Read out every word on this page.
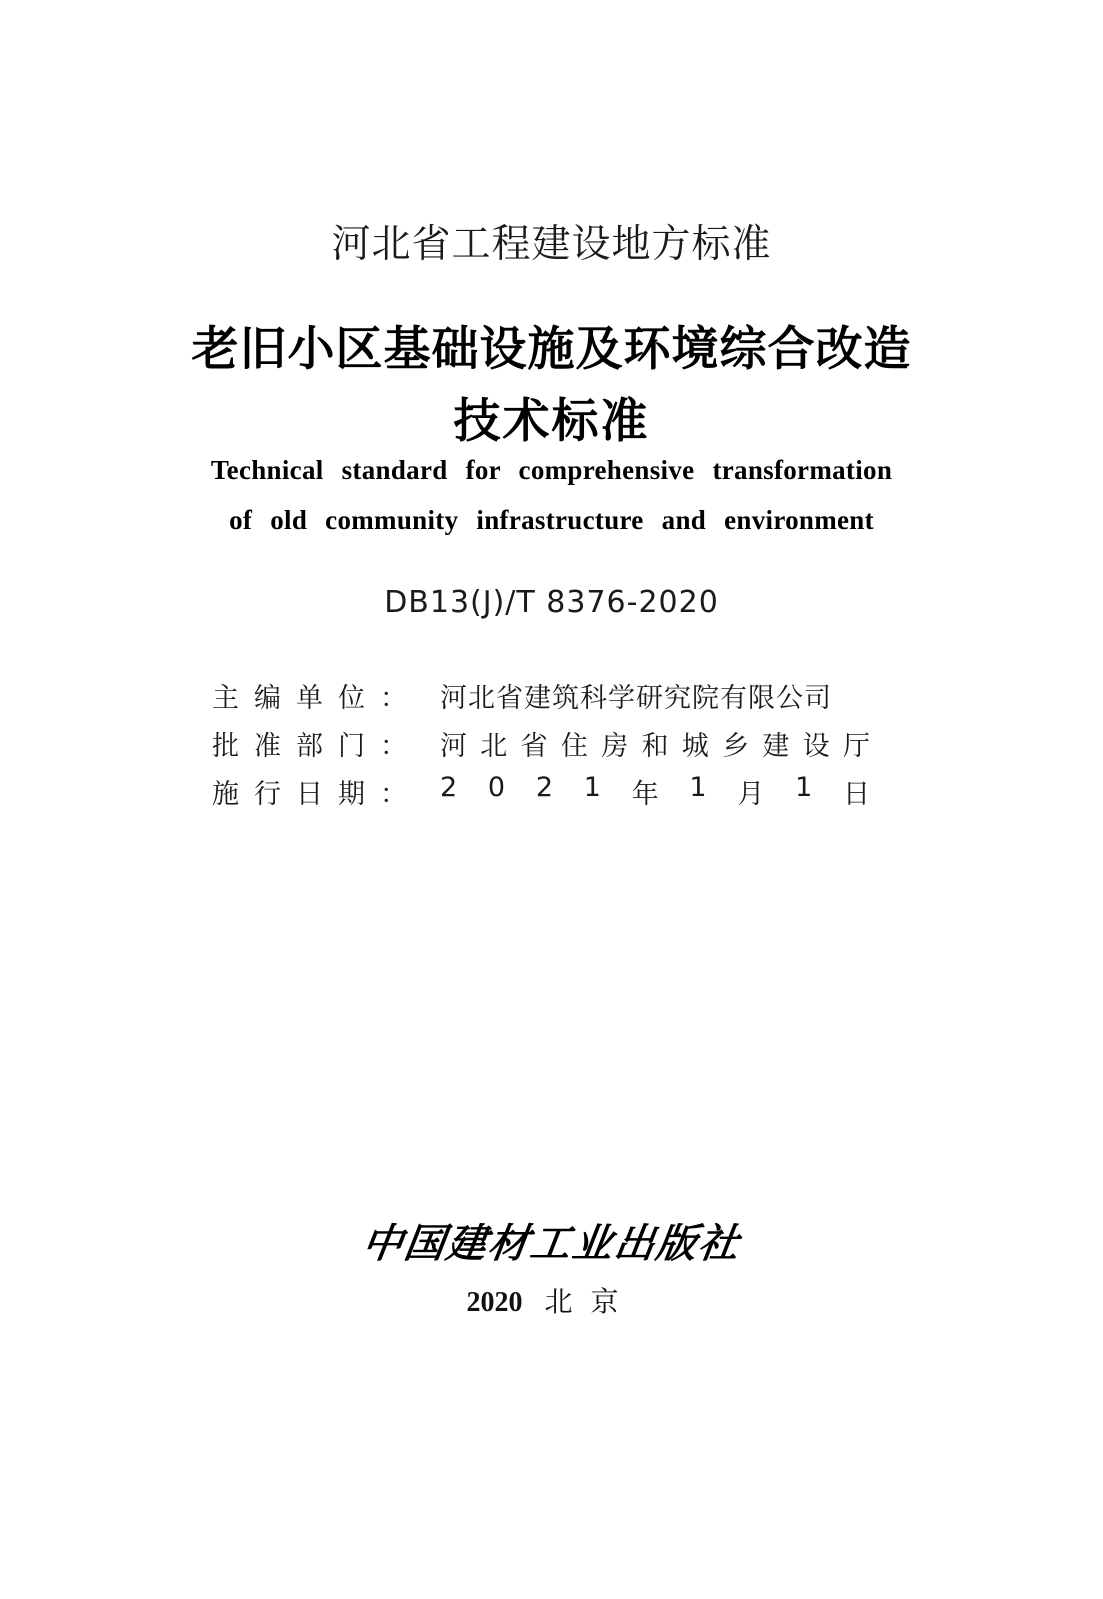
河北省工程建设地方标准
老旧小区基础设施及环境综合改造
技术标准
Technical standard for comprehensive transformation
of old community infrastructure and environment
DB13(J)/T 8376-2020
主 编 单 位 ： 河北省建筑科学研究院有限公司
批 准 部 门 ： 河 北 省 住 房 和 城 乡 建 设 厅
施 行 日 期 ： 2 0 2 1 年 1 月 1 日
中国建材工业出版社
2020 北京
